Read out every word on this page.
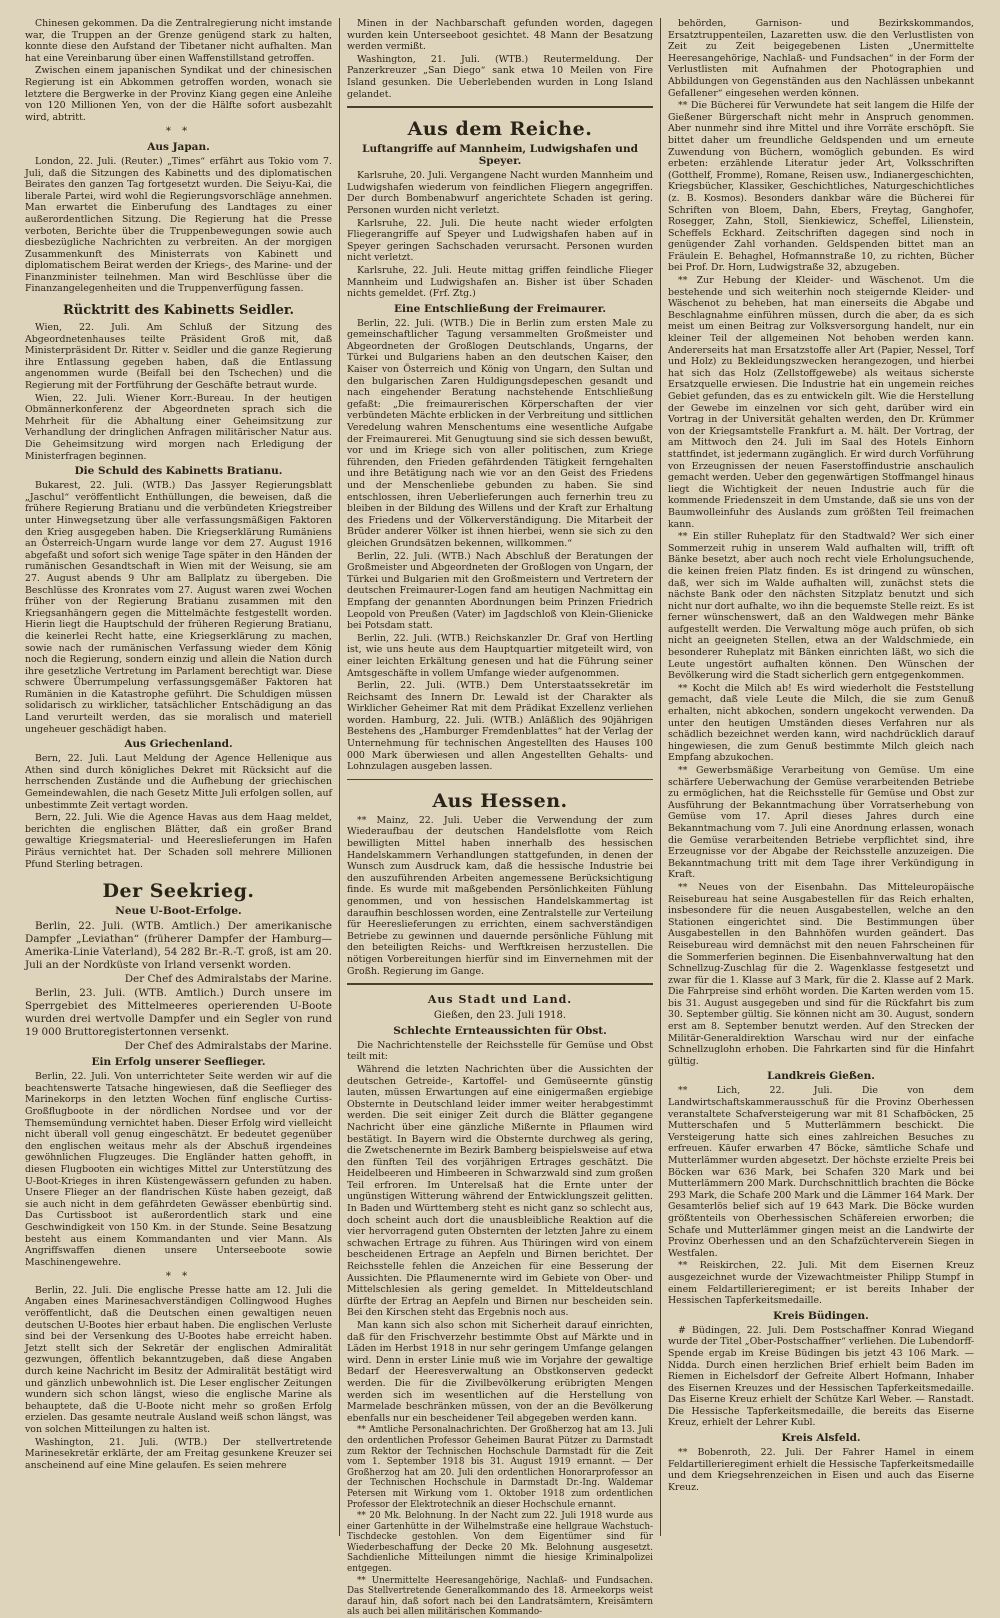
Chinesen gekommen. Da die Zentralregierung nicht imstande war, die Truppen an der Grenze genügend stark zu halten, konnte diese den Aufstand der Tibetaner nicht aufhalten. Man hat eine Vereinbarung über einen Waffenstillstand getroffen.

Zwischen einem japanischen Syndikat und der chinesischen Regierung ist ein Abkommen getroffen worden, wonach sie letztere die Bergwerke in der Provinz Kiang gegen eine Anleihe von 120 Millionen Yen, von der die Hälfte sofort ausbezahlt wird, abtritt.

* *
Aus Japan.

London, 22. Juli. (Reuter.) „Times“ erfährt aus Tokio vom 7. Juli, daß die Sitzungen des Kabinetts und des diplomatischen Beirates den ganzen Tag fortgesetzt wurden. Die Seiyu-Kai, die liberale Partei, wird wohl die Regierungsvorschläge annehmen. Man erwartet die Einberufung des Landtages zu einer außerordentlichen Sitzung. Die Regierung hat die Presse verboten, Berichte über die Truppenbewegungen sowie auch diesbezügliche Nachrichten zu verbreiten. An der morgigen Zusammenkunft des Ministerrats von Kabinett und diplomatischem Beirat werden der Kriegs-, des Marine- und der Finanzminister teilnehmen. Man wird Beschlüsse über die Finanzangelegenheiten und die Truppenverfügung fassen.

Rücktritt des Kabinetts Seidler.

Wien, 22. Juli. Am Schluß der Sitzung des Abgeordnetenhauses teilte Präsident Groß mit, daß Ministerpräsident Dr. Ritter v. Seidler und die ganze Regierung ihre Entlassung gegeben haben, daß die Entlassung angenommen wurde (Beifall bei den Tschechen) und die Regierung mit der Fortführung der Geschäfte betraut wurde.

Wien, 22. Juli. Wiener Korr.-Bureau. In der heutigen Obmännerkonferenz der Abgeordneten sprach sich die Mehrheit für die Abhaltung einer Geheimsitzung zur Verhandlung der dringlichen Anfragen militärischer Natur aus. Die Geheimsitzung wird morgen nach Erledigung der Ministerfragen beginnen.

Die Schuld des Kabinetts Bratianu.

Bukarest, 22. Juli. (WTB.) Das Jassyer Regierungsblatt „Jaschul“ veröffentlicht Enthüllungen, die beweisen, daß die frühere Regierung Bratianu und die verbündeten Kriegstreiber unter Hinwegsetzung über alle verfassungsmäßigen Faktoren den Krieg ausgegeben haben. Die Kriegserklärung Rumäniens an Österreich-Ungarn wurde lange vor dem 27. August 1916 abgefaßt und sofort sich wenige Tage später in den Händen der rumänischen Gesandtschaft in Wien mit der Weisung, sie am 27. August abends 9 Uhr am Ballplatz zu übergeben. Die Beschlüsse des Kronrates vom 27. August waren zwei Wochen früher von der Regierung Bratianu zusammen mit den Kriegsanhängern gegen die Mittelmächte festgestellt worden. Hierin liegt die Hauptschuld der früheren Regierung Bratianu, die keinerlei Recht hatte, eine Kriegserklärung zu machen, sowie nach der rumänischen Verfassung wieder dem König noch die Regierung, sondern einzig und allein die Nation durch ihre gesetzliche Vertretung im Parlament berechtigt war. Diese schwere Überrumpelung verfassungsgemäßer Faktoren hat Rumänien in die Katastrophe geführt. Die Schuldigen müssen solidarisch zu wirklicher, tatsächlicher Entschädigung an das Land verurteilt werden, das sie moralisch und materiell ungeheuer geschädigt haben.

Aus Griechenland.

Bern, 22. Juli. Laut Meldung der Agence Hellenique aus Athen sind durch königliches Dekret mit Rücksicht auf die herrschenden Zustände und die Aufhebung der griechischen Gemeindewahlen, die nach Gesetz Mitte Juli erfolgen sollen, auf unbestimmte Zeit vertagt worden.

Bern, 22. Juli. Wie die Agence Havas aus dem Haag meldet, berichten die englischen Blätter, daß ein großer Brand gewaltige Kriegsmaterial- und Heereslieferungen im Hafen Piräus vernichtet hat. Der Schaden soll mehrere Millionen Pfund Sterling betragen.

Der Seekrieg.
Neue U-Boot-Erfolge.

Berlin, 22. Juli. (WTB. Amtlich.) Der amerikanische Dampfer „Leviathan“ (früherer Dampfer der Hamburg—Amerika-Linie Vaterland), 54 282 Br.-R.-T. groß, ist am 20. Juli an der Nordküste von Irland versenkt worden.

Der Chef des Admiralstabs der Marine.

Berlin, 23. Juli. (WTB. Amtlich.) Durch unsere im Sperrgebiet des Mittelmeeres operierenden U-Boote wurden drei wertvolle Dampfer und ein Segler von rund 19 000 Bruttoregistertonnen versenkt.

Der Chef des Admiralstabs der Marine.

Ein Erfolg unserer Seeflieger.

Berlin, 22. Juli. Von unterrichteter Seite werden wir auf die beachtenswerte Tatsache hingewiesen, daß die Seeflieger des Marinekorps in den letzten Wochen fünf englische Curtiss-Großflugboote in der nördlichen Nordsee und vor der Themsemündung vernichtet haben. Dieser Erfolg wird vielleicht nicht überall voll genug eingeschätzt. Er bedeutet gegenüber den englischen weitaus mehr als der Abschuß irgendeines gewöhnlichen Flugzeuges. Die Engländer hatten gehofft, in diesen Flugbooten ein wichtiges Mittel zur Unterstützung des U-Boot-Krieges in ihren Küstengewässern gefunden zu haben. Unsere Flieger an der flandrischen Küste haben gezeigt, daß sie auch nicht in dem gefährdeten Gewässer ebenbürtig sind. Das Curtissboot ist außerordentlich stark und eine Geschwindigkeit von 150 Km. in der Stunde. Seine Besatzung besteht aus einem Kommandanten und vier Mann. Als Angriffswaffen dienen unsere Unterseeboote sowie Maschinengewehre.

* *

Berlin, 22. Juli. Die englische Presse hatte am 12. Juli die Angaben eines Marinesachverständigen Collingwood Hughes veröffentlicht, daß die Deutschen einen gewaltigen neuen deutschen U-Bootes hier erbaut haben. Die englischen Verluste sind bei der Versenkung des U-Bootes habe erreicht haben. Jetzt stellt sich der Sekretär der englischen Admiralität gezwungen, öffentlich bekanntzugeben, daß diese Angaben durch keine Nachricht im Besitz der Admiralität bestätigt wird und gänzlich unbewohnlich ist. Die Leser englischer Zeitungen wundern sich schon längst, wieso die englische Marine als behauptete, daß die U-Boote nicht mehr so großen Erfolg erzielen. Das gesamte neutrale Ausland weiß schon längst, was von solchen Mitteilungen zu halten ist.

Washington, 21. Juli. (WTB.) Der stellvertretende Marinesekretär erklärte, der am Freitag gesunkene Kreuzer sei anscheinend auf eine Mine gelaufen. Es seien mehrere

Minen in der Nachbarschaft gefunden worden, dagegen wurden kein Unterseeboot gesichtet. 48 Mann der Besatzung werden vermißt.

Washington, 21. Juli. (WTB.) Reutermeldung. Der Panzerkreuzer „San Diego“ sank etwa 10 Meilen von Fire Island gesunken. Die Ueberlebenden wurden in Long Island gelandet.

Aus dem Reiche.
Luftangriffe auf Mannheim, Ludwigshafen und Speyer.

Karlsruhe, 20. Juli. Vergangene Nacht wurden Mannheim und Ludwigshafen wiederum von feindlichen Fliegern angegriffen. Der durch Bombenabwurf angerichtete Schaden ist gering. Personen wurden nicht verletzt.

Karlsruhe, 22. Juli. Die heute nacht wieder erfolgten Fliegerangriffe auf Speyer und Ludwigshafen haben auf in Speyer geringen Sachschaden verursacht. Personen wurden nicht verletzt.

Karlsruhe, 22. Juli. Heute mittag griffen feindliche Flieger Mannheim und Ludwigshafen an. Bisher ist über Schaden nichts gemeldet. (Frf. Ztg.)

Eine Entschließung der Freimaurer.

Berlin, 22. Juli. (WTB.) Die in Berlin zum ersten Male zu gemeinschaftlicher Tagung versammelten Großmeister und Abgeordneten der Großlogen Deutschlands, Ungarns, der Türkei und Bulgariens haben an den deutschen Kaiser, den Kaiser von Österreich und König von Ungarn, den Sultan und den bulgarischen Zaren Huldigungsdepeschen gesandt und nach eingehender Beratung nachstehende Entschließung gefaßt: „Die freimaurerischen Körperschaften der vier verbündeten Mächte erblicken in der Verbreitung und sittlichen Veredelung wahren Menschentums eine wesentliche Aufgabe der Freimaurerei. Mit Genugtuung sind sie sich dessen bewußt, vor und im Kriege sich von aller politischen, zum Kriege führenden, den Frieden gefährdenden Tätigkeit ferngehalten und ihre Betätigung nach wie vor an den Geist des Friedens und der Menschenliebe gebunden zu haben. Sie sind entschlossen, ihren Ueberlieferungen auch fernerhin treu zu bleiben in der Bildung des Willens und der Kraft zur Erhaltung des Friedens und der Völkerverständigung. Die Mitarbeit der Brüder anderer Völker ist ihnen hierbei, wenn sie sich zu den gleichen Grundsätzen bekennen, willkommen.“

Berlin, 22. Juli. (WTB.) Nach Abschluß der Beratungen der Großmeister und Abgeordneten der Großlogen von Ungarn, der Türkei und Bulgarien mit den Großmeistern und Vertretern der deutschen Freimaurer-Logen fand am heutigen Nachmittag ein Empfang der genannten Abordnungen beim Prinzen Friedrich Leopold von Preußen (Vater) im Jagdschloß von Klein-Glienicke bei Potsdam statt.

Berlin, 22. Juli. (WTB.) Reichskanzler Dr. Graf von Hertling ist, wie uns heute aus dem Hauptquartier mitgeteilt wird, von einer leichten Erkältung genesen und hat die Führung seiner Amtsgeschäfte in vollem Umfange wieder aufgenommen.

Berlin, 22. Juli. (WTB.) Dem Unterstaatssekretär im Reichsamt des Innern Dr. Lewald ist der Charakter als Wirklicher Geheimer Rat mit dem Prädikat Exzellenz verliehen worden. Hamburg, 22. Juli. (WTB.) Anläßlich des 90jährigen Bestehens des „Hamburger Fremdenblattes“ hat der Verlag der Unternehmung für technischen Angestellten des Hauses 100 000 Mark überwiesen und allen Angestellten Gehalts- und Lohnzulagen ausgeben lassen.

Aus Hessen.

** Mainz, 22. Juli. Ueber die Verwendung der zum Wiederaufbau der deutschen Handelsflotte vom Reich bewilligten Mittel haben innerhalb des hessischen Handelskammern Verhandlungen stattgefunden, in denen der Wunsch zum Ausdruck kam, daß die hessische Industrie bei den auszuführenden Arbeiten angemessene Berücksichtigung finde. Es wurde mit maßgebenden Persönlichkeiten Fühlung genommen, und von hessischen Handelskammertag ist daraufhin beschlossen worden, eine Zentralstelle zur Verteilung für Heereslieferungen zu errichten, einem sachverständigen Betriebe zu gewinnen und dauernde persönliche Fühlung mit den beteiligten Reichs- und Werftkreisen herzustellen. Die nötigen Vorbereitungen hierfür sind im Einvernehmen mit der Großh. Regierung im Gange.

Aus Stadt und Land.
Gießen, den 23. Juli 1918.
Schlechte Ernteaussichten für Obst.

Die Nachrichtenstelle der Reichsstelle für Gemüse und Obst teilt mit:

Während die letzten Nachrichten über die Aussichten der deutschen Getreide-, Kartoffel- und Gemüseernte günstig lauten, müssen Erwartungen auf eine einigermaßen ergiebige Obsternte in Deutschland leider immer weiter herabgestimmt werden. Die seit einiger Zeit durch die Blätter gegangene Nachricht über eine gänzliche Mißernte in Pflaumen wird bestätigt. In Bayern wird die Obsternte durchweg als gering, die Zwetschenernte im Bezirk Bamberg beispielsweise auf etwa den fünften Teil des vorjährigen Ertrages geschätzt. Die Heidelbeeren und Himbeeren in Schwarzwald sind zum großen Teil erfroren. Im Unterelsaß hat die Ernte unter der ungünstigen Witterung während der Entwicklungszeit gelitten. In Baden und Württemberg steht es nicht ganz so schlecht aus, doch scheint auch dort die unausbleibliche Reaktion auf die vier hervorragend guten Obsternten der letzten Jahre zu einem schwachen Ertrage zu führen. Aus Thüringen wird von einem bescheidenen Ertrage an Aepfeln und Birnen berichtet. Der Reichsstelle fehlen die Anzeichen für eine Besserung der Aussichten. Die Pflaumenernte wird im Gebiete von Ober- und Mittelschlesien als gering gemeldet. In Mitteldeutschland dürfte der Ertrag an Aepfeln und Birnen nur bescheiden sein. Bei den Kirschen steht das Ergebnis noch aus.

Man kann sich also schon mit Sicherheit darauf einrichten, daß für den Frischverzehr bestimmte Obst auf Märkte und in Läden im Herbst 1918 in nur sehr geringem Umfange gelangen wird. Denn in erster Linie muß wie im Vorjahre der gewaltige Bedarf der Heeresverwaltung an Obstkonserven gedeckt werden. Die für die Zivilbevölkerung erübrigten Mengen werden sich im wesentlichen auf die Herstellung von Marmelade beschränken müssen, von der an die Bevölkerung ebenfalls nur ein bescheidener Teil abgegeben werden kann.

** Amtliche Personalnachrichten. Der Großherzog hat am 13. Juli den ordentlichen Professor Geheimen Baurat Pützer zu Darmstadt zum Rektor der Technischen Hochschule Darmstadt für die Zeit vom 1. September 1918 bis 31. August 1919 ernannt. — Der Großherzog hat am 20. Juli den ordentlichen Honorarprofessor an der Technischen Hochschule in Darmstadt Dr.-Ing. Waldemar Petersen mit Wirkung vom 1. Oktober 1918 zum ordentlichen Professor der Elektrotechnik an dieser Hochschule ernannt.

** 20 Mk. Belohnung. In der Nacht zum 22. Juli 1918 wurde aus einer Gartenhütte in der Wilhelmstraße eine hellgraue Wachstuch-Tischdecke gestohlen. Von dem Eigentümer sind für Wiederbeschaffung der Decke 20 Mk. Belohnung ausgesetzt. Sachdienliche Mitteilungen nimmt die hiesige Kriminalpolizei entgegen.

** Unermittelte Heeresangehörige, Nachlaß- und Fundsachen. Das Stellvertretende Generalkommando des 18. Armeekorps weist darauf hin, daß sofort nach bei den Landratsämtern, Kreisämtern als auch bei allen militärischen Kommando-

behörden, Garnison- und Bezirkskommandos, Ersatztruppenteilen, Lazaretten usw. die den Verlustlisten von Zeit zu Zeit beigegebenen Listen „Unermittelte Heeresangehörige, Nachlaß- und Fundsachen“ in der Form der Verlustlisten mit Aufnahmen der Photographien und Abbildungen von Gegenständen aus den Nachlässen unbekannt Gefallener“ eingesehen werden können.

** Die Bücherei für Verwundete hat seit langem die Hilfe der Gießener Bürgerschaft nicht mehr in Anspruch genommen. Aber nunmehr sind ihre Mittel und ihre Vorräte erschöpft. Sie bittet daher um freundliche Geldspenden und um erneute Zuwendung von Büchern, womöglich gebunden. Es wird erbeten: erzählende Literatur jeder Art, Volksschriften (Gotthelf, Fromme), Romane, Reisen usw., Indianergeschichten, Kriegsbücher, Klassiker, Geschichtliches, Naturgeschichtliches (z. B. Kosmos). Besonders dankbar wäre die Bücherei für Schriften von Bloem, Dahn, Ebers, Freytag, Ganghofer, Rosegger, Zahn, Stoll, Sienkiewicz, Scheffel, Lilienstein, Scheffels Eckhard. Zeitschriften dagegen sind noch in genügender Zahl vorhanden. Geldspenden bittet man an Fräulein E. Behaghel, Hofmannstraße 10, zu richten, Bücher bei Prof. Dr. Horn, Ludwigstraße 32, abzugeben.

** Zur Hebung der Kleider- und Wäschenot. Um die bestehende und sich weiterhin noch steigernde Kleider- und Wäschenot zu beheben, hat man einerseits die Abgabe und Beschlagnahme einführen müssen, durch die aber, da es sich meist um einen Beitrag zur Volksversorgung handelt, nur ein kleiner Teil der allgemeinen Not behoben werden kann. Andererseits hat man Ersatzstoffe aller Art (Papier, Nessel, Torf und Holz) zu Bekleidungszwecken herangezogen, und hierbei hat sich das Holz (Zellstoffgewebe) als weitaus sicherste Ersatzquelle erwiesen. Die Industrie hat ein ungemein reiches Gebiet gefunden, das es zu entwickeln gilt. Wie die Herstellung der Gewebe im einzelnen vor sich geht, darüber wird ein Vortrag in der Universität gehalten werden, den Dr. Krümmer von der Kriegsamtstelle Frankfurt a. M. hält. Der Vortrag, der am Mittwoch den 24. Juli im Saal des Hotels Einhorn stattfindet, ist jedermann zugänglich. Er wird durch Vorführung von Erzeugnissen der neuen Faserstoffindustrie anschaulich gemacht werden. Ueber den gegenwärtigen Stoffmangel hinaus liegt die Wichtigkeit der neuen Industrie auch für die kommende Friedenszeit in dem Umstande, daß sie uns von der Baumwolleinfuhr des Auslands zum größten Teil freimachen kann.

** Ein stiller Ruheplatz für den Stadtwald? Wer sich einer Sommerzeit ruhig in unserem Wald aufhalten will, trifft oft Bänke besetzt, aber auch noch recht viele Erholungsuchende, die keinen freien Platz finden. Es ist dringend zu wünschen, daß, wer sich im Walde aufhalten will, zunächst stets die nächste Bank oder den nächsten Sitzplatz benutzt und sich nicht nur dort aufhalte, wo ihn die bequemste Stelle reizt. Es ist ferner wünschenswert, daß an den Waldwegen mehr Bänke aufgestellt werden. Die Verwaltung möge auch prüfen, ob sich nicht an geeigneten Stellen, etwa an der Waldschmiede, ein besonderer Ruheplatz mit Bänken einrichten läßt, wo sich die Leute ungestört aufhalten können. Den Wünschen der Bevölkerung wird die Stadt sicherlich gern entgegenkommen.

** Kocht die Milch ab! Es wird wiederholt die Feststellung gemacht, daß viele Leute die Milch, die sie zum Genuß erhalten, nicht abkochen, sondern ungekocht verwenden. Da unter den heutigen Umständen dieses Verfahren nur als schädlich bezeichnet werden kann, wird nachdrücklich darauf hingewiesen, die zum Genuß bestimmte Milch gleich nach Empfang abzukochen.

** Gewerbsmäßige Verarbeitung von Gemüse. Um eine schärfere Ueberwachung der Gemüse verarbeitenden Betriebe zu ermöglichen, hat die Reichsstelle für Gemüse und Obst zur Ausführung der Bekanntmachung über Vorratserhebung von Gemüse vom 17. April dieses Jahres durch eine Bekanntmachung vom 7. Juli eine Anordnung erlassen, wonach die Gemüse verarbeitenden Betriebe verpflichtet sind, ihre Erzeugnisse vor der Abgabe der Reichsstelle anzuzeigen. Die Bekanntmachung tritt mit dem Tage ihrer Verkündigung in Kraft.

** Neues von der Eisenbahn. Das Mitteleuropäische Reisebureau hat seine Ausgabestellen für das Reich erhalten, insbesondere für die neuen Ausgabestellen, welche an den Stationen eingerichtet sind. Die Bestimmungen über Ausgabestellen in den Bahnhöfen wurden geändert. Das Reisebureau wird demnächst mit den neuen Fahrscheinen für die Sommerferien beginnen. Die Eisenbahnverwaltung hat den Schnellzug-Zuschlag für die 2. Wagenklasse festgesetzt und zwar für die 1. Klasse auf 3 Mark, für die 2. Klasse auf 2 Mark. Die Fahrpreise sind erhöht worden. Die Karten werden vom 15. bis 31. August ausgegeben und sind für die Rückfahrt bis zum 30. September gültig. Sie können nicht am 30. August, sondern erst am 8. September benutzt werden. Auf den Strecken der Militär-Generaldirektion Warschau wird nur der einfache Schnellzuglohn erhoben. Die Fahrkarten sind für die Hinfahrt gültig.

Landkreis Gießen.

** Lich, 22. Juli. Die von dem Landwirtschaftskammerausschuß für die Provinz Oberhessen veranstaltete Schafversteigerung war mit 81 Schafböcken, 25 Mutterschafen und 5 Mutterlämmern beschickt. Die Versteigerung hatte sich eines zahlreichen Besuches zu erfreuen. Käufer erwarben 47 Böcke, sämtliche Schafe und Mutterlämmer wurden abgesetzt. Der höchste erzielte Preis bei Böcken war 636 Mark, bei Schafen 320 Mark und bei Mutterlämmern 200 Mark. Durchschnittlich brachten die Böcke 293 Mark, die Schafe 200 Mark und die Lämmer 164 Mark. Der Gesamterlös belief sich auf 19 643 Mark. Die Böcke wurden größtenteils von Oberhessischen Schäfereien erworben; die Schafe und Mutterlämmer gingen meist an die Landwirte der Provinz Oberhessen und an den Schafzüchterverein Siegen in Westfalen.

** Reiskirchen, 22. Juli. Mit dem Eisernen Kreuz ausgezeichnet wurde der Vizewachtmeister Philipp Stumpf in einem Feldartillerieregiment; er ist bereits Inhaber der Hessischen Tapferkeitsmedaille.

Kreis Büdingen.

# Büdingen, 22. Juli. Dem Postschaffner Konrad Wiegand wurde der Titel „Ober-Postschaffner“ verliehen. Die Lubendorff-Spende ergab im Kreise Büdingen bis jetzt 43 106 Mark. — Nidda. Durch einen herzlichen Brief erhielt beim Baden im Riemen in Eichelsdorf der Gefreite Albert Hofmann, Inhaber des Eisernen Kreuzes und der Hessischen Tapferkeitsmedaille. Das Eiserne Kreuz erhielt der Schütze Karl Weber. — Ranstadt. Die Hessische Tapferkeitsmedaille, die bereits das Eiserne Kreuz, erhielt der Lehrer Kubl.

Kreis Alsfeld.

** Bobenroth, 22. Juli. Der Fahrer Hamel in einem Feldartillerieregiment erhielt die Hessische Tapferkeitsmedaille und dem Kriegsehrenzeichen in Eisen und auch das Eiserne Kreuz.
